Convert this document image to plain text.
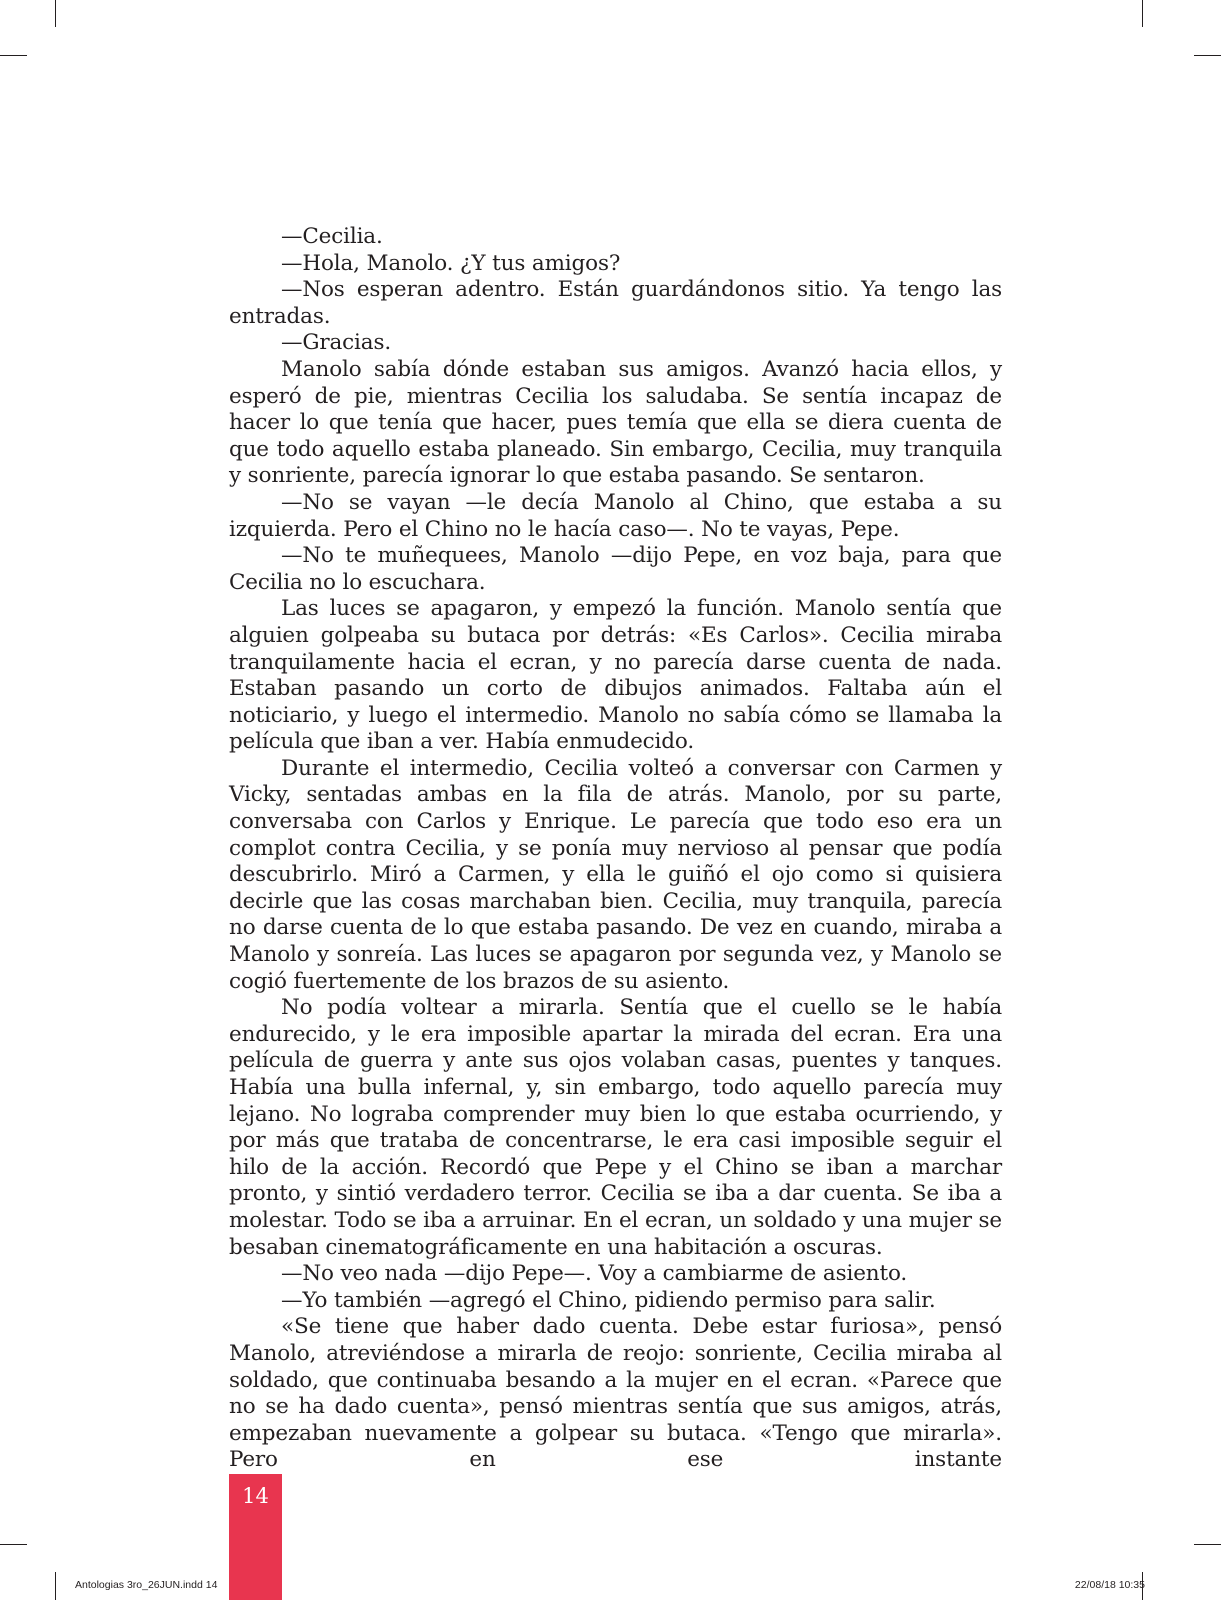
—Cecilia.

—Hola, Manolo. ¿Y tus amigos?

—Nos esperan adentro. Están guardándonos sitio. Ya tengo las entradas.

—Gracias.

Manolo sabía dónde estaban sus amigos. Avanzó hacia ellos, y esperó de pie, mientras Cecilia los saludaba. Se sentía incapaz de hacer lo que tenía que hacer, pues temía que ella se diera cuenta de que todo aquello estaba planeado. Sin embargo, Cecilia, muy tranquila y sonriente, parecía ignorar lo que estaba pasando. Se sentaron.

—No se vayan —le decía Manolo al Chino, que estaba a su izquierda. Pero el Chino no le hacía caso—. No te vayas, Pepe.

—No te muñequees, Manolo —dijo Pepe, en voz baja, para que Cecilia no lo escuchara.

Las luces se apagaron, y empezó la función. Manolo sentía que alguien golpeaba su butaca por detrás: «Es Carlos». Cecilia miraba tranquilamente hacia el ecran, y no parecía darse cuenta de nada. Estaban pasando un corto de dibujos animados. Faltaba aún el noticiario, y luego el intermedio. Manolo no sabía cómo se llamaba la película que iban a ver. Había enmudecido.

Durante el intermedio, Cecilia volteó a conversar con Carmen y Vicky, sentadas ambas en la fila de atrás. Manolo, por su parte, conversaba con Carlos y Enrique. Le parecía que todo eso era un complot contra Cecilia, y se ponía muy nervioso al pensar que podía descubrirlo. Miró a Carmen, y ella le guiñó el ojo como si quisiera decirle que las cosas marchaban bien. Cecilia, muy tranquila, parecía no darse cuenta de lo que estaba pasando. De vez en cuando, miraba a Manolo y sonreía. Las luces se apagaron por segunda vez, y Manolo se cogió fuertemente de los brazos de su asiento.

No podía voltear a mirarla. Sentía que el cuello se le había endurecido, y le era imposible apartar la mirada del ecran. Era una película de guerra y ante sus ojos volaban casas, puentes y tanques. Había una bulla infernal, y, sin embargo, todo aquello parecía muy lejano. No lograba comprender muy bien lo que estaba ocurriendo, y por más que trataba de concentrarse, le era casi imposible seguir el hilo de la acción. Recordó que Pepe y el Chino se iban a marchar pronto, y sintió verdadero terror. Cecilia se iba a dar cuenta. Se iba a molestar. Todo se iba a arruinar. En el ecran, un soldado y una mujer se besaban cinematográficamente en una habitación a oscuras.

—No veo nada —dijo Pepe—. Voy a cambiarme de asiento.

—Yo también —agregó el Chino, pidiendo permiso para salir.

«Se tiene que haber dado cuenta. Debe estar furiosa», pensó Manolo, atreviéndose a mirarla de reojo: sonriente, Cecilia miraba al soldado, que continuaba besando a la mujer en el ecran. «Parece que no se ha dado cuenta», pensó mientras sentía que sus amigos, atrás, empezaban nuevamente a golpear su butaca. «Tengo que mirarla». Pero en ese instante

14
Antologias 3ro_26JUN.indd 14	22/08/18 10:35
